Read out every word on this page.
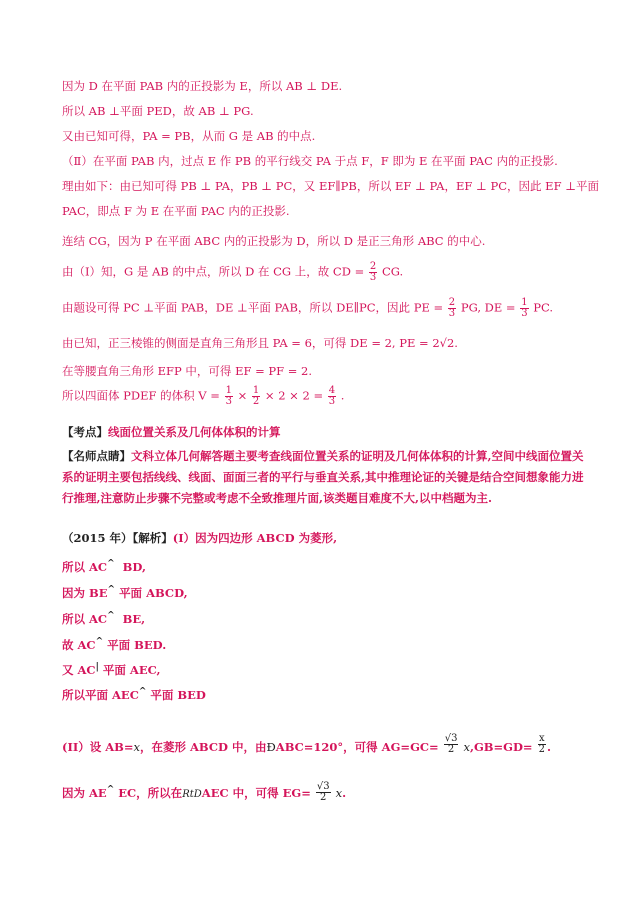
因为 D 在平面 PAB 内的正投影为 E，所以 AB ⊥ DE.
所以 AB ⊥平面 PED，故 AB ⊥ PG.
又由已知可得，PA = PB，从而 G 是 AB 的中点.
（Ⅱ）在平面 PAB 内，过点 E 作 PB 的平行线交 PA 于点 F，F 即为 E 在平面 PAC 内的正投影.
理由如下：由已知可得 PB ⊥ PA，PB ⊥ PC，又 EF∥PB，所以 EF ⊥ PA，EF ⊥ PC，因此 EF ⊥平面
PAC，即点 F 为 E 在平面 PAC 内的正投影.
连结 CG，因为 P 在平面 ABC 内的正投影为 D，所以 D 是正三角形 ABC 的中心.
由（Ⅰ）知，G 是 AB 的中点，所以 D 在 CG 上，故 CD = $\frac{2}{3}$ CG.
由题设可得 PC ⊥平面 PAB，DE ⊥平面 PAB，所以 DE∥PC，因此 PE = $\frac{2}{3}$ PG, DE = $\frac{1}{3}$ PC.
由已知，正三棱锥的侧面是直角三角形且 PA = 6，可得 DE = 2, PE = 2√2.
在等腰直角三角形 EFP 中，可得 EF = PF = 2.
所以四面体 PDEF 的体积 $V = \frac{1}{3} \times \frac{1}{2} \times 2 \times 2 = \frac{4}{3}$ .
【考点】线面位置关系及几何体体积的计算
【名师点睛】文科立体几何解答题主要考查线面位置关系的证明及几何体体积的计算,空间中线面位置关系的证明主要包括线线、线面、面面三者的平行与垂直关系,其中推理论证的关键是结合空间想象能力进行推理,注意防止步骤不完整或考虑不全致推理片面,该类题目难度不大,以中档题为主.
（2015 年）【解析】(I）因为四边形 ABCD 为菱形,
所以 AC^ BD,
因为 BE^ 平面 ABCD,
所以 AC^ BE,
故 AC^ 平面 BED.
又 AC| 平面 AEC,
所以平面 AEC^ 平面 BED
(II）设 AB=x，在菱形 ABCD 中，由ÐABC=120°，可得 $AG=GC= \frac{√3}{2} x,GB=GD= \frac{x}{2}$ .
因为 AE^ EC，所以在RtDAEC 中，可得 $EG= \frac{√3}{2} x$.
